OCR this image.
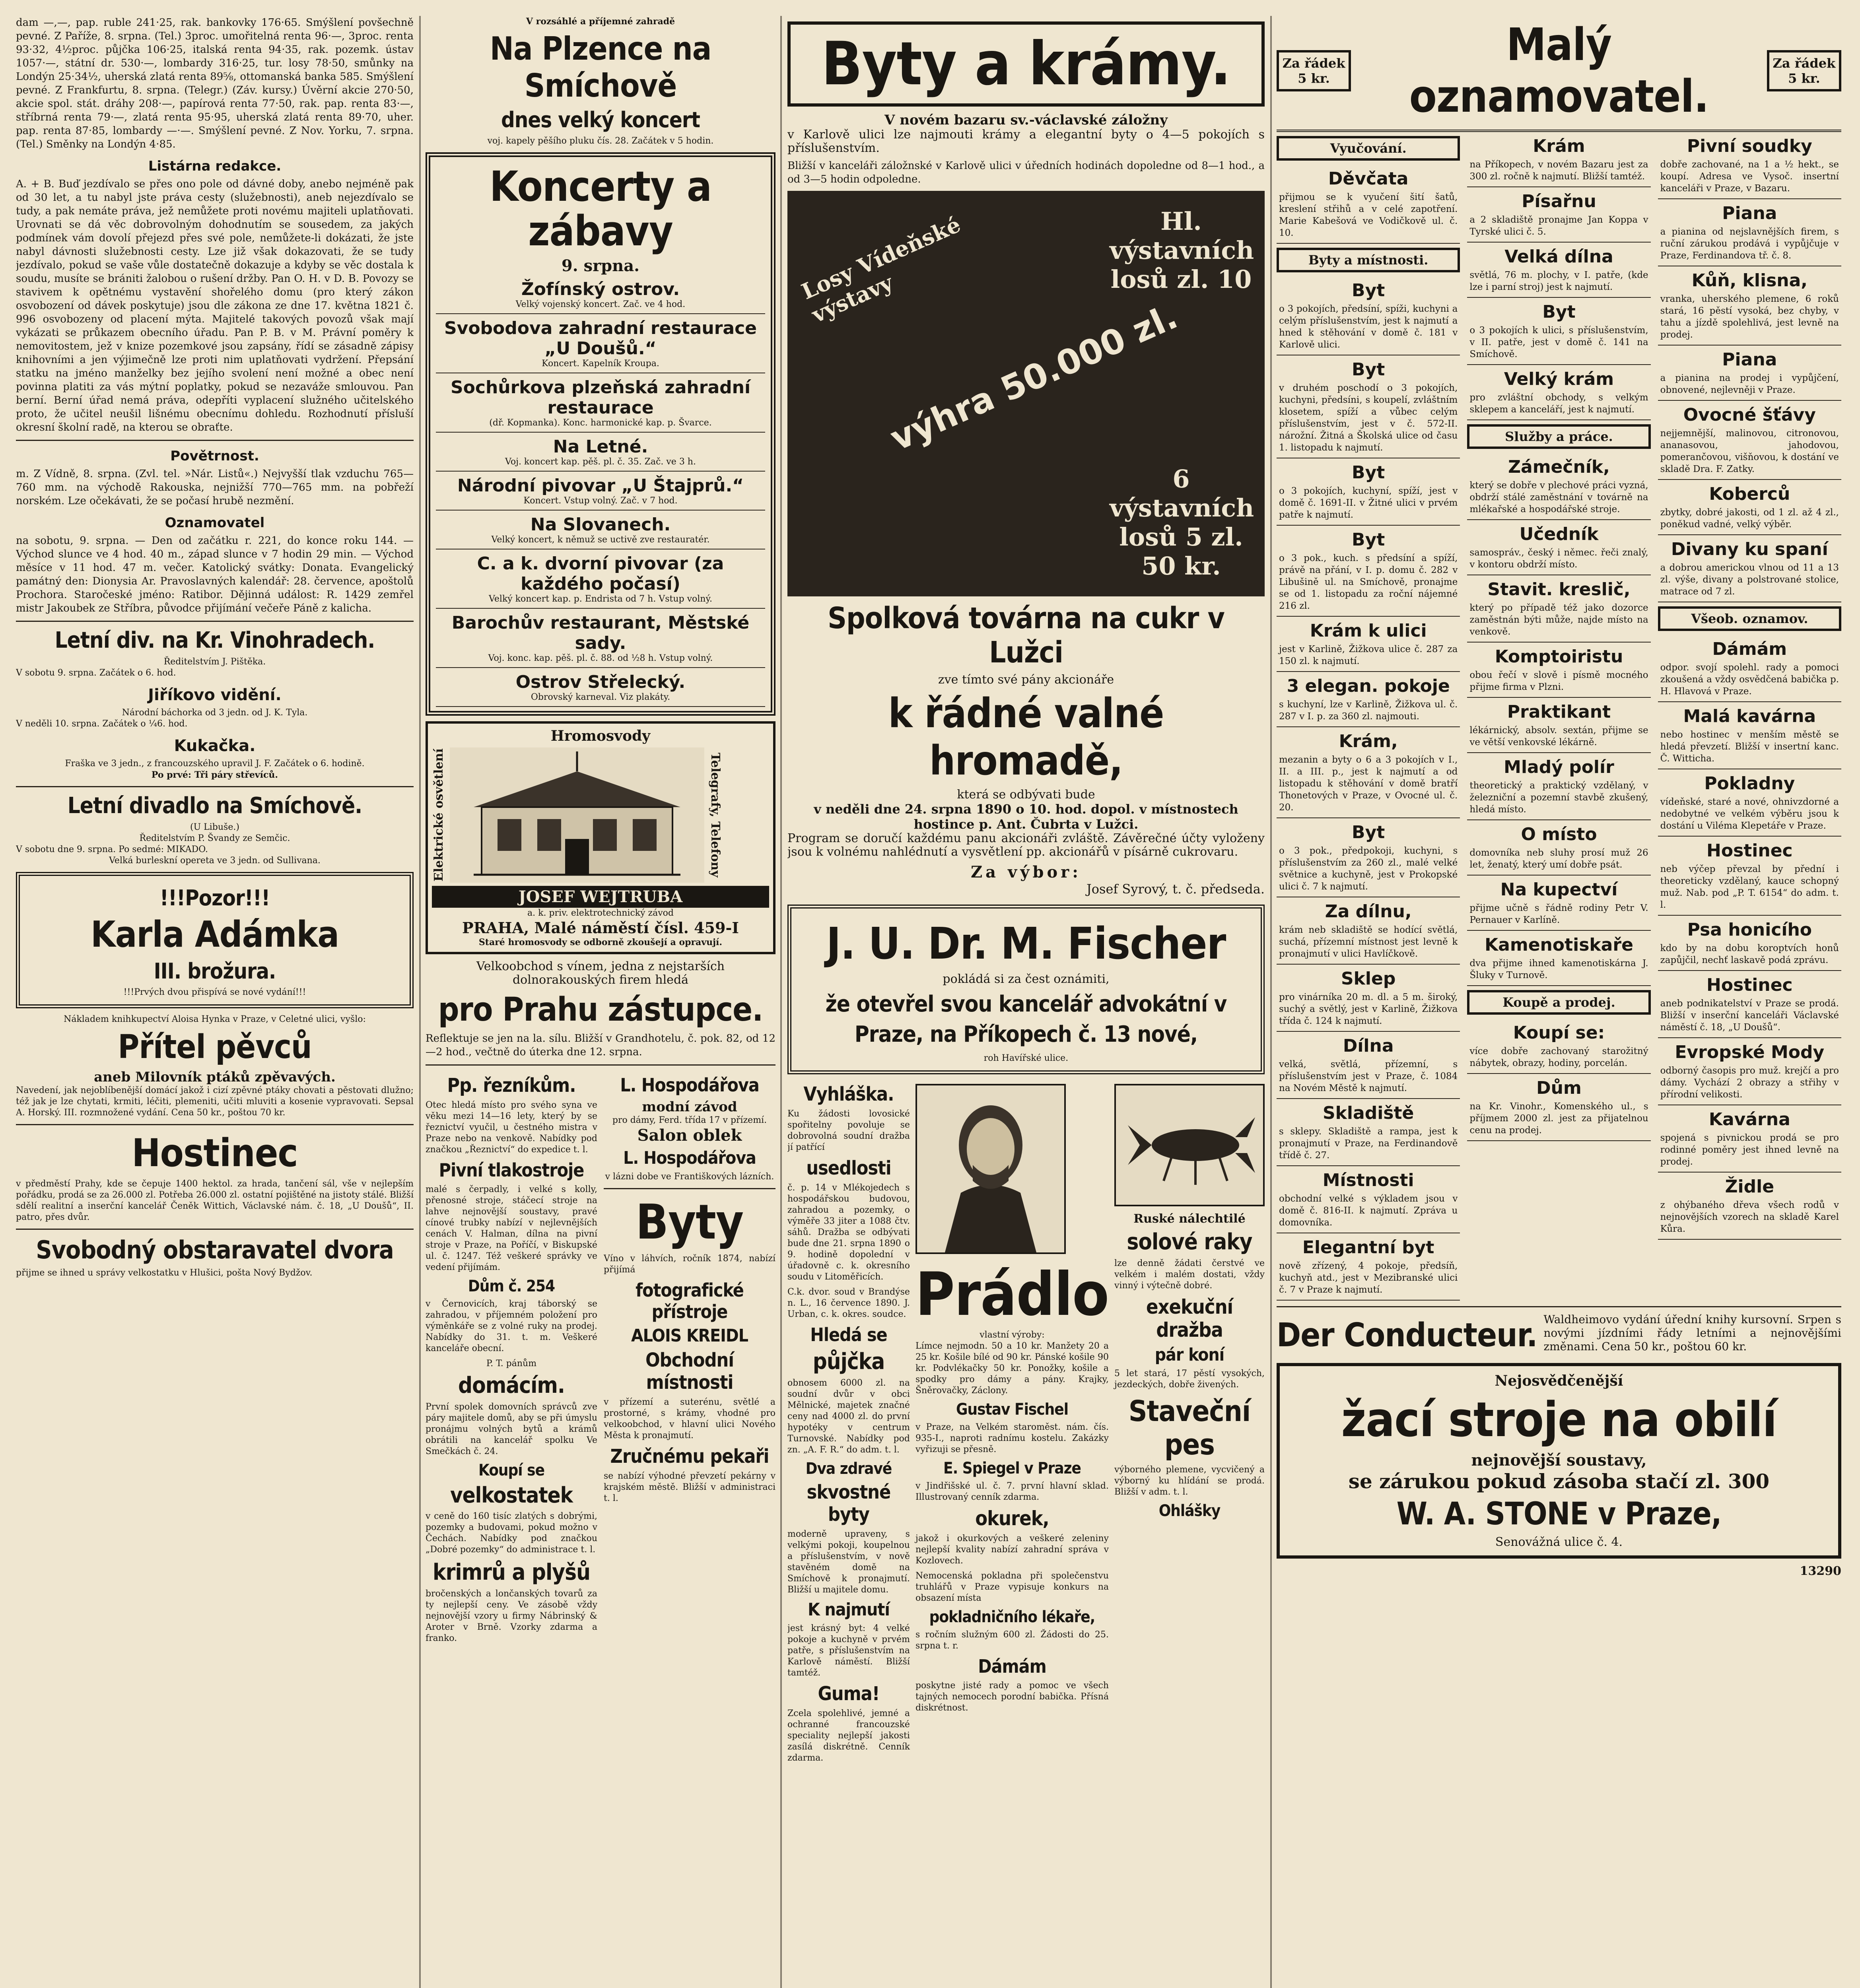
dam —,—, pap. ruble 241·25, rak. bankovky 176·65. Smýšlení povšechně pevné. Z Paříže, 8. srpna. (Tel.) 3proc. umořitelná renta 96·—, 3proc. renta 93·32, 4½proc. půjčka 106·25, italská renta 94·35, rak. pozemk. ústav 1057·—, státní dr. 530·—, lombardy 316·25, tur. losy 78·50, smůnky na Londýn 25·34½, uherská zlatá renta 89⅝, ottomanská banka 585. Smýšlení pevné. Z Frankfurtu, 8. srpna. (Telegr.) (Záv. kursy.) Úvěrní akcie 270·50, akcie spol. stát. dráhy 208·—, papírová renta 77·50, rak. pap. renta 83·—, stříbrná renta 79·—, zlatá renta 95·95, uherská zlatá renta 89·70, uher. pap. renta 87·85, lombardy —·—. Smýšlení pevné. Z Nov. Yorku, 7. srpna. (Tel.) Směnky na Londýn 4·85.

Listárna redakce.

A. + B. Buď jezdívalo se přes ono pole od dávné doby, anebo nejméně pak od 30 let, a tu nabyl jste práva cesty (služebnosti), aneb nejezdívalo se tudy, a pak nemáte práva, jež nemůžete proti novému majiteli uplatňovati. Urovnati se dá věc dobrovolným dohodnutím se sousedem, za jakých podmínek vám dovolí přejezd přes své pole, nemůžete-li dokázati, že jste nabyl dávnosti služebnosti cesty. Lze již však dokazovati, že se tudy jezdívalo, pokud se vaše vůle dostatečně dokazuje a kdyby se věc dostala k soudu, musíte se brániti žalobou o rušení držby. Pan O. H. v D. B. Povozy se stavivem k opětnému vystavění shořelého domu (pro který zákon osvobození od dávek poskytuje) jsou dle zákona ze dne 17. května 1821 č. 996 osvobozeny od placení mýta. Majitelé takových povozů však mají vykázati se průkazem obecního úřadu. Pan P. B. v M. Právní poměry k nemovitostem, jež v knize pozemkové jsou zapsány, řídí se zásadně zápisy knihovními a jen výjimečně lze proti nim uplatňovati vydržení. Přepsání statku na jméno manželky bez jejího svolení není možné a obec není povinna platiti za vás mýtní poplatky, pokud se nezaváže smlouvou. Pan berní. Berní úřad nemá práva, odepříti vyplacení služného učitelského proto, že učitel neušil lišnému obecnímu dohledu. Rozhodnutí přísluší okresní školní radě, na kterou se obraťte.

Povětrnost.

m. Z Vídně, 8. srpna. (Zvl. tel. »Nár. Listů«.) Nejvyšší tlak vzduchu 765—760 mm. na východě Rakouska, nejnižší 770—765 mm. na pobřeží norském. Lze očekávati, že se počasí hrubě nezmění.

Oznamovatel

na sobotu, 9. srpna. — Den od začátku r. 221, do konce roku 144. — Východ slunce ve 4 hod. 40 m., západ slunce v 7 hodin 29 min. — Východ měsíce v 11 hod. 47 m. večer. Katolický svátky: Donata. Evangelický památný den: Dionysia Ar. Pravoslavných kalendář: 28. července, apoštolů Prochora. Staročeské jméno: Ratibor. Dějinná událost: R. 1429 zemřel mistr Jakoubek ze Stříbra, původce přijímání večeře Páně z kalicha.

Letní div. na Kr. Vinohradech.
Ředitelstvím J. Pištěka.
V sobotu 9. srpna. Začátek o 6. hod.
Jiříkovo vidění.
Národní báchorka od 3 jedn. od J. K. Tyla.
V neděli 10. srpna. Začátek o ¼6. hod.
Kukačka.
Fraška ve 3 jedn., z francouzského upravil J. F. Začátek o 6. hodině.
Po prvé: Tři páry střevíců.
Letní divadlo na Smíchově.
(U Libuše.)
Ředitelstvím P. Švandy ze Semčic.
V sobotu dne 9. srpna. Po sedmé: MIKADO.
Velká burleskní opereta ve 3 jedn. od Sullivana.
!!!Pozor!!!
Karla Adámka
III. brožura.
!!!Prvých dvou přispívá se nové vydání!!!
Nákladem knihkupectví Aloisa Hynka v Praze, v Celetné ulici, vyšlo:
Přítel pěvců
aneb Milovník ptáků zpěvavých.

Navedení, jak nejoblíbenější domácí jakož i cizí zpěvné ptáky chovati a pěstovati dlužno; též jak je lze chytati, krmiti, léčiti, plemeniti, učiti mluviti a kosenie vypravovati. Sepsal A. Horský. III. rozmnožené vydání. Cena 50 kr., poštou 70 kr.

Hostinec

v předměstí Prahy, kde se čepuje 1400 hektol. za hrada, tančení sál, vše v nejlepším pořádku, prodá se za 26.000 zl. Potřeba 26.000 zl. ostatní pojištěné na jistoty stálé. Bližší sdělí realitní a inserční kancelář Čeněk Wittich, Václavské nám. č. 18, „U Doušů“, II. patro, přes dvůr.

Svobodný obstaravatel dvora

přijme se ihned u správy velkostatku v Hlušici, pošta Nový Bydžov.

V rozsáhlé a příjemné zahradě
Na Plzence na Smíchově
dnes velký koncert
voj. kapely pěšího pluku čís. 28. Začátek v 5 hodin.
Koncerty a zábavy
9. srpna.
Žofínský ostrov.
Velký vojenský koncert. Zač. ve 4 hod.
Svobodova zahradní restaurace „U Doušů.“
Koncert. Kapelník Kroupa.
Sochůrkova plzeňská zahradní restaurace
(dř. Kopmanka). Konc. harmonické kap. p. Švarce.
Na Letné.
Voj. koncert kap. pěš. pl. č. 35. Zač. ve 3 h.
Národní pivovar „U Štajprů.“
Koncert. Vstup volný. Zač. v 7 hod.
Na Slovanech.
Velký koncert, k němuž se uctivě zve restauratér.
C. a k. dvorní pivovar (za každého počasí)
Velký koncert kap. p. Endrista od 7 h. Vstup volný.
Barochův restaurant, Městské sady.
Voj. konc. kap. pěš. pl. č. 88. od ½8 h. Vstup volný.
Ostrov Střelecký.
Obrovský karneval. Viz plakáty.
Hromosvody
Elektrické osvětlení	Telegrafy, Telefony
JOSEF WEJTRUBA
a. k. priv. elektrotechnický závod
PRAHA, Malé náměstí čísl. 459-I
Staré hromosvody se odborně zkoušejí a opravují.

Velkoobchod s vínem, jedna z nejstarších dolnorakouských firem hledá

pro Prahu zástupce.

Reflektuje se jen na la. sílu. Bližší v Grandhotelu, č. pok. 82, od 12—2 hod., večtně do úterka dne 12. srpna.

Pp. řezníkům.

Otec hledá místo pro svého syna ve věku mezi 14—16 lety, který by se řeznictví vyučil, u čestného mistra v Praze nebo na venkově. Nabídky pod značkou „Řeznictví“ do expedice t. l.

Pivní tlakostroje

malé s čerpadly, i velké s kolly, přenosné stroje, stáčecí stroje na lahve nejnovější soustavy, pravé cínové trubky nabízí v nejlevnějších cenách V. Halman, dílna na pivní stroje v Praze, na Poříčí, v Biskupské ul. č. 1247. Též veškeré správky ve vedení přijímám.

Dům č. 254

v Černovicích, kraj táborský se zahradou, v příjemném položení pro výměnkáře se z volné ruky na prodej. Nabídky do 31. t. m. Veškeré kanceláře obecní.

P. T. pánům
domácím.

První spolek domovních správců zve páry majitele domů, aby se při úmyslu pronájmu volných bytů a krámů obrátili na kancelář spolku Ve Smečkách č. 24.

Koupí se
velkostatek

v ceně do 160 tisíc zlatých s dobrými, pozemky a budovami, pokud možno v Čechách. Nabídky pod značkou „Dobré pozemky“ do administrace t. l.

krimrů a plyšů

bročenských a lončanských tovarů za ty nejlepší ceny. Ve zásobě vždy nejnovější vzory u firmy Nábrinský & Aroter v Brně. Vzorky zdarma a franko.

L. Hospodářova
modní závod
pro dámy, Ferd. třída 17 v přízemí.
Salon oblek
L. Hospodářova
v lázni dobe ve Františkových lázních.
Byty

Víno v láhvích, ročník 1874, nabízí přijímá

fotografické přístroje
ALOIS KREIDL
Obchodní místnosti

v přízemí a suterénu, světlé a prostorné, s krámy, vhodné pro velkoobchod, v hlavní ulici Nového Města k pronajmutí.

Zručnému pekaři

se nabízí výhodné převzetí pekárny v krajském městě. Bližší v administraci t. l.

Byty a krámy.
V novém bazaru sv.-václavské záložny

v Karlově ulici lze najmouti krámy a elegantní byty o 4—5 pokojích s příslušenstvím.

Bližší v kanceláři záložnské v Karlově ulici v úředních hodinách dopoledne od 8—1 hod., a od 3—5 hodin odpoledne.

výhra 50.000 zl.
Losy Vídeňské výstavy
Hl. výstavních losů zl. 10
6 výstavních losů 5 zl. 50 kr.
Spolková továrna na cukr v Lužci
zve tímto své pány akcionáře
k řádné valné hromadě,
která se odbývati bude
v neděli dne 24. srpna 1890 o 10. hod. dopol. v místnostech hostince p. Ant. Čubrta v Lužci.

Program se doručí každému panu akcionáři zvláště. Závěrečné účty vyloženy jsou k volnému nahlédnutí a vysvětlení pp. akcionářů v písárně cukrovaru.

Za výbor:
Josef Syrový, t. č. předseda.
J. U. Dr. M. Fischer
pokládá si za čest oznámiti,
že otevřel svou kancelář advokátní v Praze, na Příkopech č. 13 nové,
roh Havířské ulice.
Vyhláška.

Ku žádosti lovosické spořitelny povoluje se dobrovolná soudní dražba jí patřící

usedlosti

č. p. 14 v Mlékojedech s hospodářskou budovou, zahradou a pozemky, o výměře 33 jiter a 1088 čtv. sáhů. Dražba se odbývati bude dne 21. srpna 1890 o 9. hodině dopolední v úřadovně c. k. okresního soudu v Litoměřicích.

C.k. dvor. soud v Brandýse n. L., 16 července 1890. J. Urban, c. k. okres. soudce.

Hledá se
půjčka

obnosem 6000 zl. na soudní dvůr v obci Mělnické, majetek značné ceny nad 4000 zl. do první hypotéky v centrum Turnovské. Nabídky pod zn. „A. F. R.“ do adm. t. l.

Dva zdravé
skvostné byty

moderně upraveny, s velkými pokoji, koupelnou a příslušenstvím, v nově stavěném domě na Smíchově k pronajmutí. Bližší u majitele domu.

K najmutí

jest krásný byt: 4 velké pokoje a kuchyně v prvém patře, s příslušenstvím na Karlově náměstí. Bližší tamtéž.

Guma!

Zcela spolehlivé, jemné a ochranné francouzské speciality nejlepší jakosti zasílá diskrétně. Cenník zdarma.

Prádlo
vlastní výroby:

Límce nejmodn. 50 a 10 kr. Manžety 20 a 25 kr. Košile bílé od 90 kr. Pánské košile 90 kr. Podvlékačky 50 kr. Ponožky, košile a spodky pro dámy a pány. Krajky, Šněrovačky, Záclony.

Gustav Fischel

v Praze, na Velkém staroměst. nám. čís. 935-I., naproti radnímu kostelu. Zakázky vyřizuji se přesně.

E. Spiegel v Praze

v Jindřišské ul. č. 7. první hlavní sklad. Illustrovaný cenník zdarma.

okurek,

jakož i okurkových a veškeré zeleniny nejlepší kvality nabízí zahradní správa v Kozlovech.

Nemocenská pokladna při společenstvu truhlářů v Praze vypisuje konkurs na obsazení místa

pokladničního lékaře,

s ročním služným 600 zl. Žádosti do 25. srpna t. r.

Dámám

poskytne jisté rady a pomoc ve všech tajných nemocech porodní babička. Přísná diskrétnost.

Ruské nálechtilé
solové raky

lze denně žádati čerstvé ve velkém i malém dostati, vždy vinný i výtečně dobré.

exekuční dražba
pár koní

5 let stará, 17 pěstí vysokých, jezdeckých, dobře živených.

Staveční pes

výborného plemene, vycvičený a výborný ku hlídání se prodá. Bližší v adm. t. l.

Ohlášky
Za řádek 5 kr.
Malý oznamovatel.
Za řádek 5 kr.
Vyučování.
Děvčata

přijmou se k vyučení šití šatů, kreslení střihů a v celé zapotření. Marie Kabešová ve Vodičkově ul. č. 10.

Byty a místnosti.
Byt

o 3 pokojích, předsíní, spíži, kuchyni a celým příslušenstvím, jest k najmutí a hned k stěhování v domě č. 181 v Karlově ulici.

Byt

v druhém poschodí o 3 pokojích, kuchyni, předsíni, s koupelí, zvláštním klosetem, spíží a vůbec celým příslušenstvím, jest v č. 572-II. nárožní. Žitná a Školská ulice od času 1. listopadu k najmutí.

Byt

o 3 pokojích, kuchyní, spíží, jest v domě č. 1691-II. v Žitné ulici v prvém patře k najmutí.

Byt

o 3 pok., kuch. s předsíní a spíží, právě na přání, v I. p. domu č. 282 v Libušině ul. na Smíchově, pronajme se od 1. listopadu za roční nájemné 216 zl.

Krám k ulici

jest v Karlině, Žižkova ulice č. 287 za 150 zl. k najmutí.

3 elegan. pokoje

s kuchyní, lze v Karlině, Žižkova ul. č. 287 v I. p. za 360 zl. najmouti.

Krám,

mezanin a byty o 6 a 3 pokojích v I., II. a III. p., jest k najmutí a od listopadu k stěhování v domě bratří Thonetových v Praze, v Ovocné ul. č. 20.

Byt

o 3 pok., předpokoji, kuchyni, s příslušenstvím za 260 zl., malé velké světnice a kuchyně, jest v Prokopské ulici č. 7 k najmutí.

Za dílnu,

krám neb skladiště se hodící světlá, suchá, přízemní místnost jest levně k pronajmutí v ulici Havlíčkově.

Sklep

pro vinárníka 20 m. dl. a 5 m. široký, suchý a světlý, jest v Karlině, Žižkova třída č. 124 k najmutí.

Dílna

velká, světlá, přízemní, s příslušenstvím jest v Praze, č. 1084 na Novém Městě k najmutí.

Skladiště

s sklepy. Skladiště a rampa, jest k pronajmutí v Praze, na Ferdinandově třídě č. 27.

Místnosti

obchodní velké s výkladem jsou v domě č. 816-II. k najmutí. Zpráva u domovníka.

Elegantní byt

nově zřízený, 4 pokoje, předsíň, kuchyň atd., jest v Mezibranské ulici č. 7 v Praze k najmutí.

Krám

na Příkopech, v novém Bazaru jest za 300 zl. ročně k najmutí. Bližší tamtéž.

Písařnu

a 2 skladiště pronajme Jan Koppa v Tyrské ulici č. 5.

Velká dílna

světlá, 76 m. plochy, v I. patře, (kde lze i parní stroj) jest k najmutí.

Byt

o 3 pokojích k ulici, s příslušenstvím, v II. patře, jest v domě č. 141 na Smíchově.

Velký krám

pro zvláštní obchody, s velkým sklepem a kanceláří, jest k najmutí.

Služby a práce.
Zámečník,

který se dobře v plechové práci vyzná, obdrží stálé zaměstnání v továrně na mlékařské a hospodářské stroje.

Učedník

samospráv., český i němec. řeči znalý, v kontoru obdrží místo.

Stavit. kreslič,

který po případě též jako dozorce zaměstnán býti může, najde místo na venkově.

Komptoiristu

obou řečí v slově i písmě mocného přijme firma v Plzni.

Praktikant

lékárnický, absolv. sextán, přijme se ve větší venkovské lékárně.

Mladý polír

theoretický a praktický vzdělaný, v železniční a pozemní stavbě zkušený, hledá místo.

O místo

domovníka neb sluhy prosí muž 26 let, ženatý, který umí dobře psát.

Na kupectví

přijme učně s řádně rodiny Petr V. Pernauer v Karlíně.

Kamenotiskaře

dva přijme ihned kamenotiskárna J. Šluky v Turnově.

Koupě a prodej.
Koupí se:

více dobře zachovaný starožitný nábytek, obrazy, hodiny, porcelán.

Dům

na Kr. Vinohr., Komenského ul., s příjmem 2000 zl. jest za přijatelnou cenu na prodej.

Pivní soudky

dobře zachované, na 1 a ½ hekt., se koupí. Adresa ve Vysoč. insertní kanceláři v Praze, v Bazaru.

Piana

a pianina od nejslavnějších firem, s ruční zárukou prodává i vypůjčuje v Praze, Ferdinandova tř. č. 8.

Kůň, klisna,

vranka, uherského plemene, 6 roků stará, 16 pěstí vysoká, bez chyby, v tahu a jízdě spolehlivá, jest levně na prodej.

Piana

a pianina na prodej i vypůjčení, obnovené, nejlevněji v Praze.

Ovocné šťávy

nejjemnější, malinovou, citronovou, ananasovou, jahodovou, pomerančovou, višňovou, k dostání ve skladě Dra. F. Zatky.

Koberců

zbytky, dobré jakosti, od 1 zl. až 4 zl., poněkud vadné, velký výběr.

Divany ku spaní

a dobrou americkou vlnou od 11 a 13 zl. výše, divany a polstrované stolice, matrace od 7 zl.

Všeob. oznamov.
Dámám

odpor. svojí spolehl. rady a pomoci zkoušená a vždy osvědčená babička p. H. Hlavová v Praze.

Malá kavárna

nebo hostinec v menším městě se hledá převzetí. Bližší v insertní kanc. Č. Witticha.

Pokladny

vídeňské, staré a nové, ohnivzdorné a nedobytné ve velkém výběru jsou k dostání u Viléma Klepetáře v Praze.

Hostinec

neb výčep převzal by přední i theoreticky vzdělaný, kauce schopný muž. Nab. pod „P. T. 6154“ do adm. t. l.

Psa honicího

kdo by na dobu koroptvích honů zapůjčil, nechť laskavě podá zprávu.

Hostinec

aneb podnikatelství v Praze se prodá. Bližší v inserční kanceláři Václavské náměstí č. 18, „U Doušů“.

Evropské Mody

odborný časopis pro muž. krejčí a pro dámy. Vychází 2 obrazy a střihy v přírodní velikosti.

Kavárna

spojená s pivnickou prodá se pro rodinné poměry jest ihned levně na prodej.

Židle

z ohýbaného dřeva všech rodů v nejnovějších vzorech na skladě Karel Kůra.

Der Conducteur. Waldheimovo vydání úřední knihy kursovní. Srpen s novými jízdními řády letními a nejnovějšími změnami. Cena 50 kr., poštou 60 kr.

Nejosvědčenější
žací stroje na obilí
nejnovější soustavy,
se zárukou pokud zásoba stačí zl. 300
W. A. STONE v Praze,
Senovážná ulice č. 4.
13290
